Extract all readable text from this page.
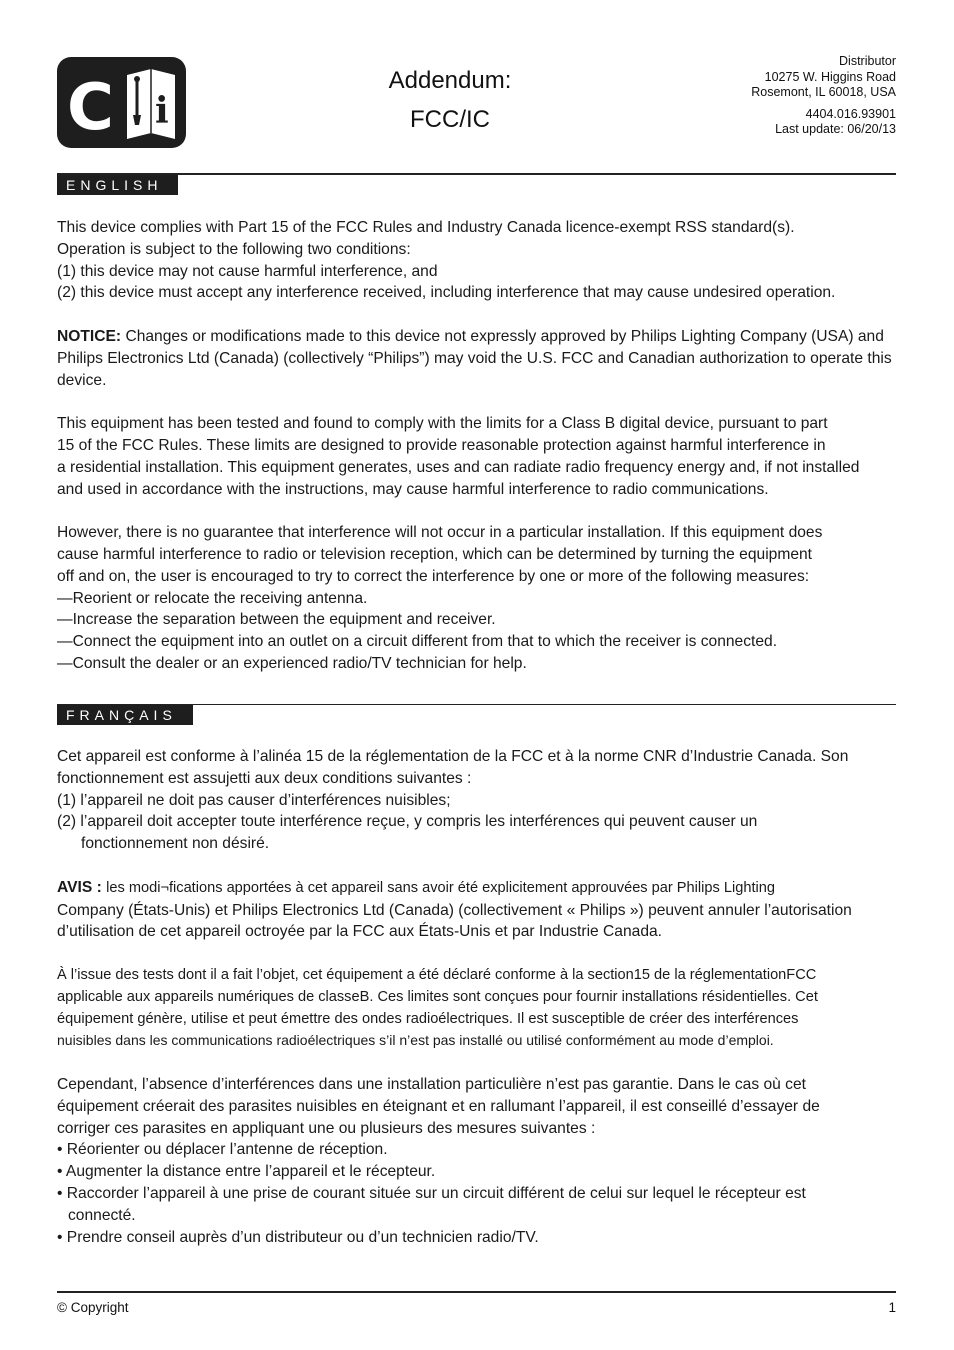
C i
Addendum:
FCC/IC
Distributor
10275 W. Higgins Road
Rosemont, IL 60018, USA
4404.016.93901
Last update: 06/20/13
ENGLISH

This device complies with Part 15 of the FCC Rules and Industry Canada licence-exempt RSS standard(s).

Operation is subject to the following two conditions:

(1) this device may not cause harmful interference, and

(2) this device must accept any interference received, including interference that may cause undesired operation.

NOTICE: Changes or modifications made to this device not expressly approved by Philips Lighting Company (USA) and Philips Electronics Ltd (Canada) (collectively “Philips”) may void the U.S. FCC and Canadian authorization to operate this device.

This equipment has been tested and found to comply with the limits for a Class B digital device, pursuant to part

15 of the FCC Rules. These limits are designed to provide reasonable protection against harmful interference in

a residential installation. This equipment generates, uses and can radiate radio frequency energy and, if not installed

and used in accordance with the instructions, may cause harmful interference to radio communications.

However, there is no guarantee that interference will not occur in a particular installation. If this equipment does

cause harmful interference to radio or television reception, which can be determined by turning the equipment

off and on, the user is encouraged to try to correct the interference by one or more of the following measures:

—Reorient or relocate the receiving antenna.

—Increase the separation between the equipment and receiver.

—Connect the equipment into an outlet on a circuit different from that to which the receiver is connected.

—Consult the dealer or an experienced radio/TV technician for help.

FRANÇAIS

Cet appareil est conforme à l’alinéa 15 de la réglementation de la FCC et à la norme CNR d’Industrie Canada. Son

fonctionnement est assujetti aux deux conditions suivantes :

(1) l’appareil ne doit pas causer d’interférences nuisibles;

(2) l’appareil doit accepter toute interférence reçue, y compris les interférences qui peuvent causer un

fonctionnement non désiré.

AVIS : les modi¬fications apportées à cet appareil sans avoir été explicitement approuvées par Philips Lighting

Company (États-Unis) et Philips Electronics Ltd (Canada) (collectivement « Philips ») peuvent annuler l’autorisation

d’utilisation de cet appareil octroyée par la FCC aux États-Unis et par Industrie Canada.

À l’issue des tests dont il a fait l’objet, cet équipement a été déclaré conforme à la section15 de la réglementationFCC

applicable aux appareils numériques de classeB. Ces limites sont conçues pour fournir installations résidentielles. Cet

équipement génère, utilise et peut émettre des ondes radioélectriques. Il est susceptible de créer des interférences

nuisibles dans les communications radioélectriques s’il n’est pas installé ou utilisé conformément au mode d’emploi.

Cependant, l’absence d’interférences dans une installation particulière n’est pas garantie. Dans le cas où cet

équipement créerait des parasites nuisibles en éteignant et en rallumant l’appareil, il est conseillé d’essayer de

corriger ces parasites en appliquant une ou plusieurs des mesures suivantes :

• Réorienter ou déplacer l’antenne de réception.

• Augmenter la distance entre l’appareil et le récepteur.

• Raccorder l’appareil à une prise de courant située sur un circuit différent de celui sur lequel le récepteur est

connecté.

• Prendre conseil auprès d’un distributeur ou d’un technicien radio/TV.

© Copyright	1
